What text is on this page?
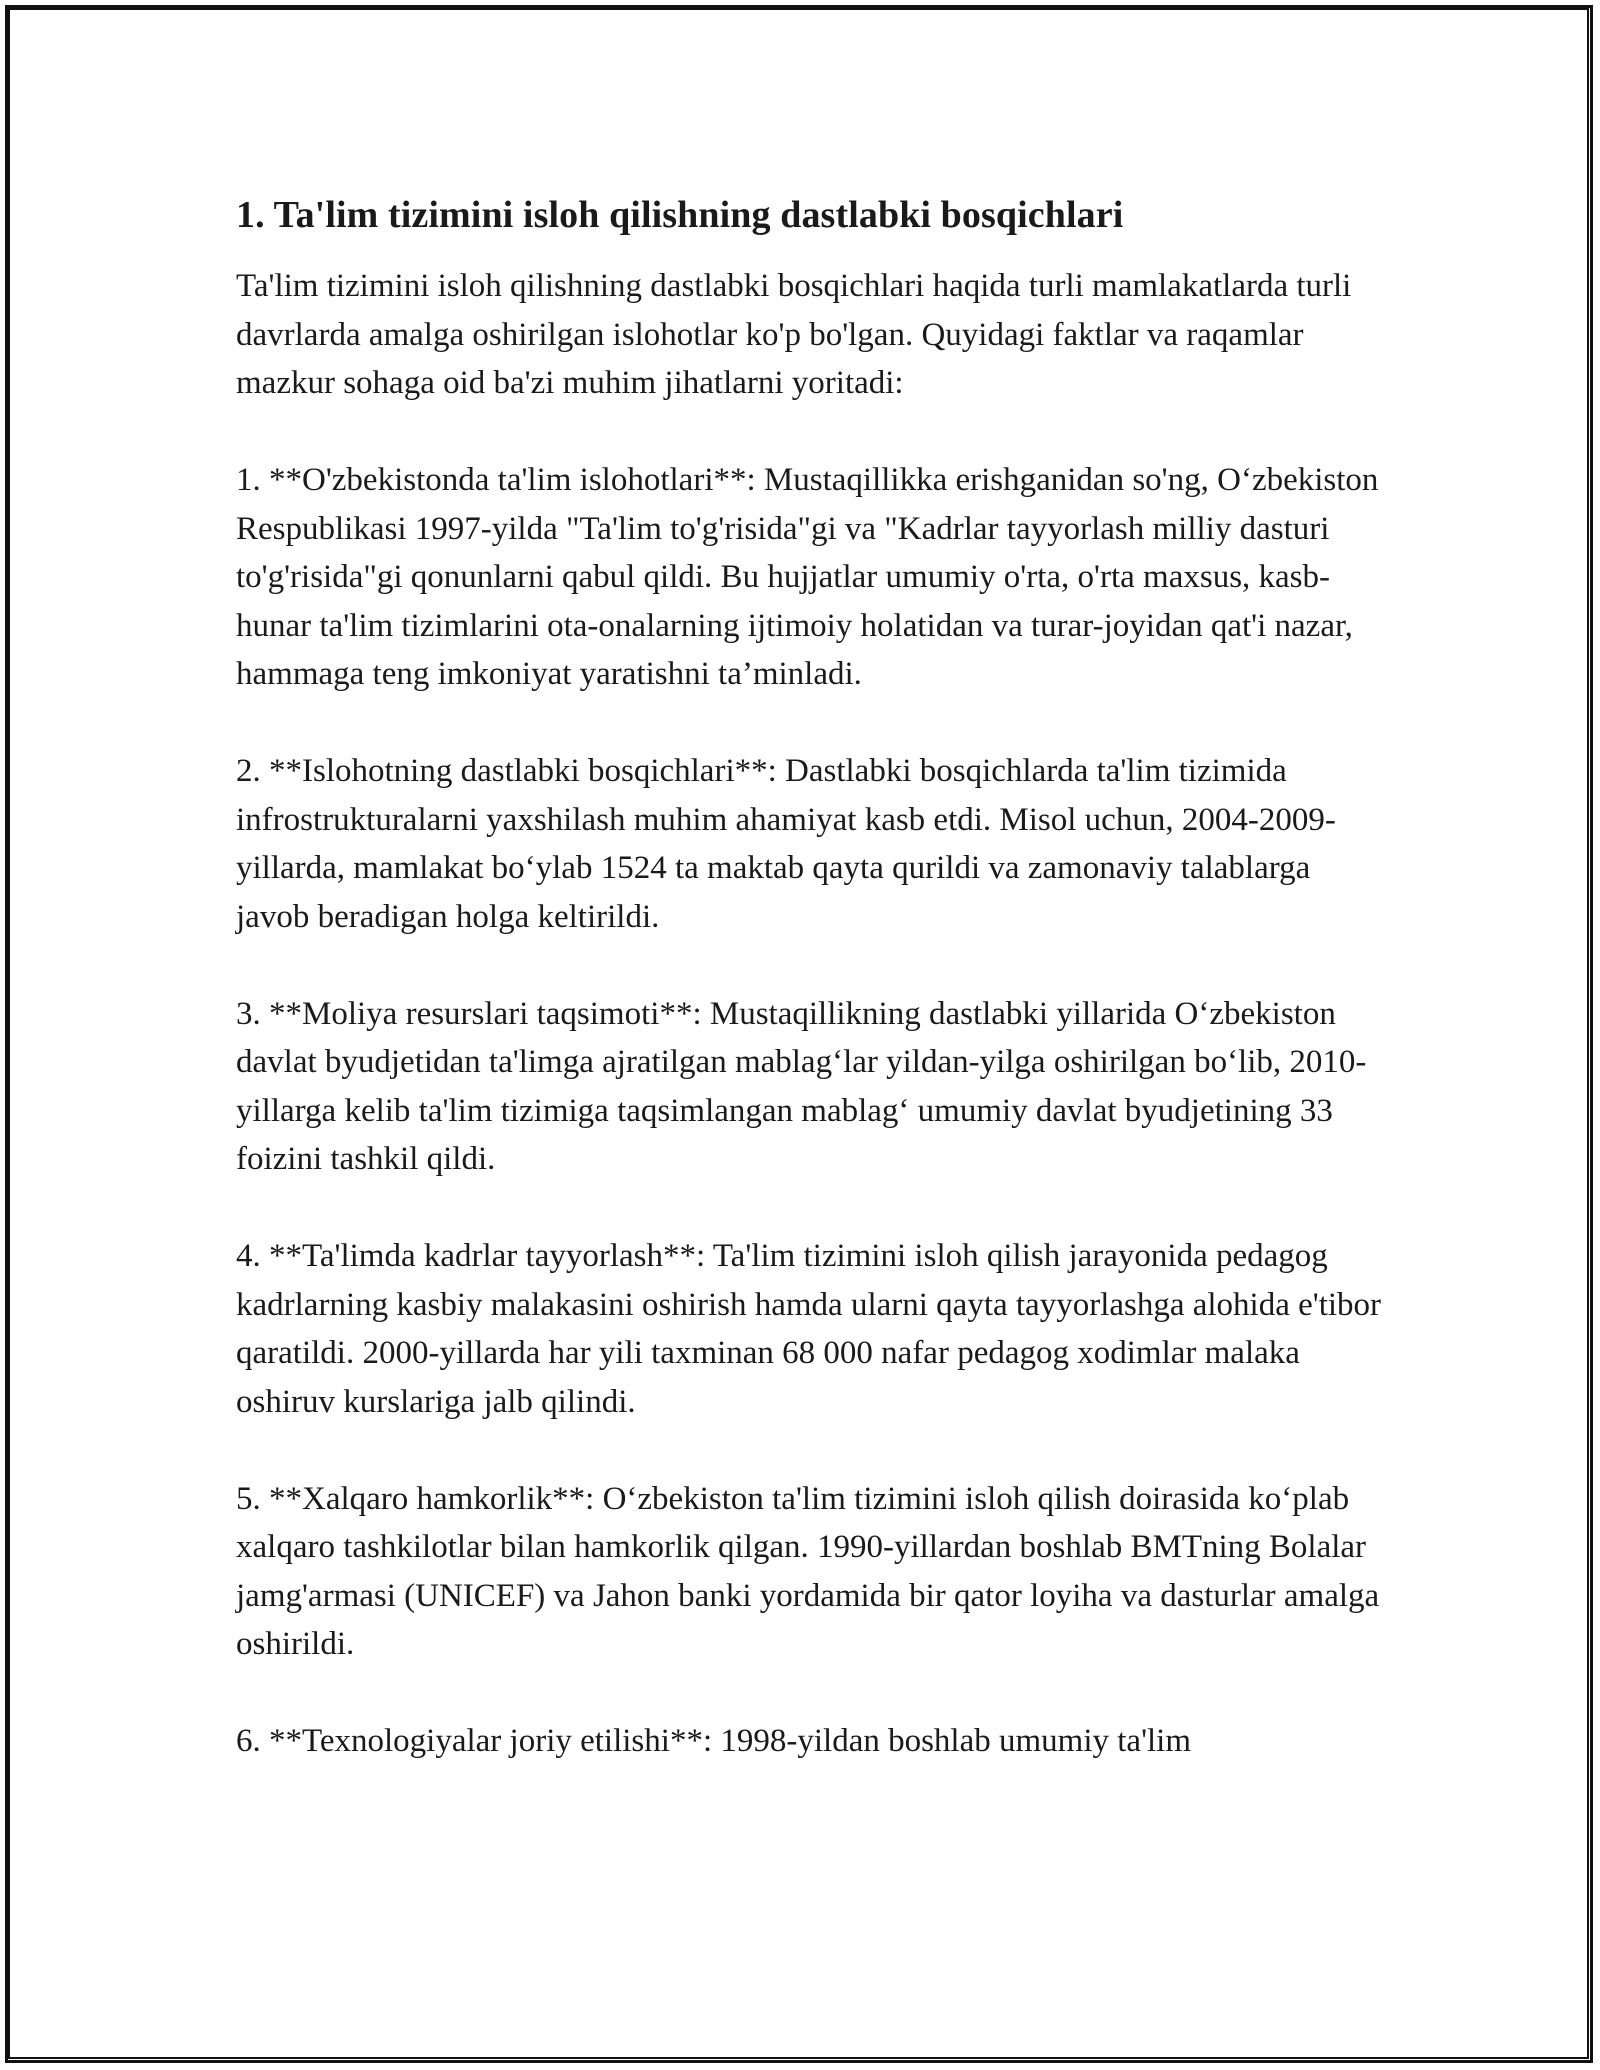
1. Ta'lim tizimini isloh qilishning dastlabki bosqichlari
Ta'lim tizimini isloh qilishning dastlabki bosqichlari haqida turli mamlakatlarda turli davrlarda amalga oshirilgan islohotlar ko'p bo'lgan. Quyidagi faktlar va raqamlar mazkur sohaga oid ba'zi muhim jihatlarni yoritadi:
1. **O'zbekistonda ta'lim islohotlari**: Mustaqillikka erishganidan so'ng, O‘zbekiston Respublikasi 1997-yilda "Ta'lim to'g'risida"gi va "Kadrlar tayyorlash milliy dasturi to'g'risida"gi qonunlarni qabul qildi. Bu hujjatlar umumiy o'rta, o'rta maxsus, kasb-hunar ta'lim tizimlarini ota-onalarning ijtimoiy holatidan va turar-joyidan qat'i nazar, hammaga teng imkoniyat yaratishni ta’minladi.
2. **Islohotning dastlabki bosqichlari**: Dastlabki bosqichlarda ta'lim tizimida infrostrukturalarni yaxshilash muhim ahamiyat kasb etdi. Misol uchun, 2004-2009-yillarda, mamlakat bo‘ylab 1524 ta maktab qayta qurildi va zamonaviy talablarga javob beradigan holga keltirildi.
3. **Moliya resurslari taqsimoti**: Mustaqillikning dastlabki yillarida O‘zbekiston davlat byudjetidan ta'limga ajratilgan mablag‘lar yildan-yilga oshirilgan bo‘lib, 2010-yillarga kelib ta'lim tizimiga taqsimlangan mablag‘ umumiy davlat byudjetining 33 foizini tashkil qildi.
4. **Ta'limda kadrlar tayyorlash**: Ta'lim tizimini isloh qilish jarayonida pedagog kadrlarning kasbiy malakasini oshirish hamda ularni qayta tayyorlashga alohida e'tibor qaratildi. 2000-yillarda har yili taxminan 68 000 nafar pedagog xodimlar malaka oshiruv kurslariga jalb qilindi.
5. **Xalqaro hamkorlik**: O‘zbekiston ta'lim tizimini isloh qilish doirasida ko‘plab xalqaro tashkilotlar bilan hamkorlik qilgan. 1990-yillardan boshlab BMTning Bolalar jamg'armasi (UNICEF) va Jahon banki yordamida bir qator loyiha va dasturlar amalga oshirildi.
6. **Texnologiyalar joriy etilishi**: 1998-yildan boshlab umumiy ta'lim
